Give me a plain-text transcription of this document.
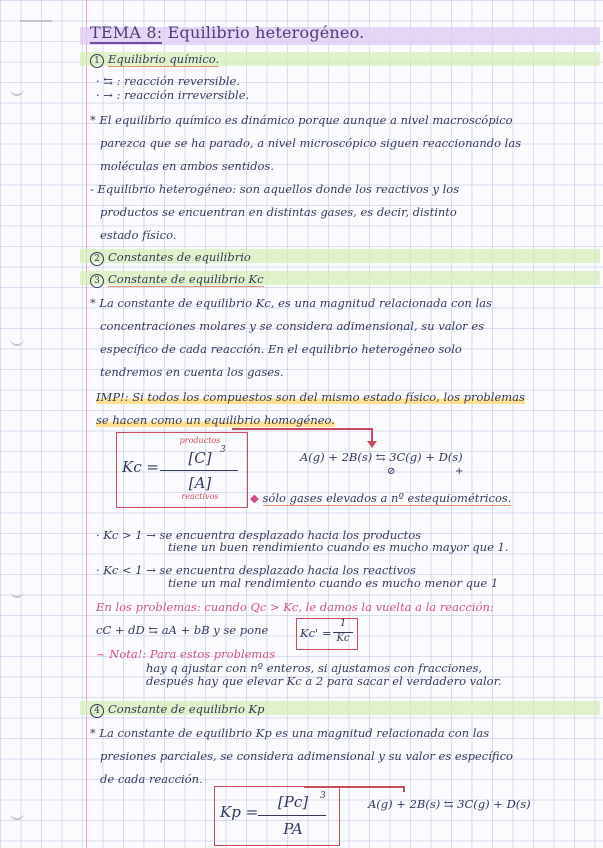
TEMA 8: Equilibrio heterogéneo.
1 Equilibrio químico.
· ⇆ : reacción reversible.
· → : reacción irreversible.
* El equilibrio químico es dinámico porque aunque a nivel macroscópico
parezca que se ha parado, a nivel microscópico siguen reaccionando las
moléculas en ambos sentidos.
- Equilibrio heterogéneo: son aquellos donde los reactivos y los
productos se encuentran en distintas gases, es decir, distinto
estado físico.
2 Constantes de equilibrio
3 Constante de equilibrio Kc
* La constante de equilibrio Kc, es una magnitud relacionada con las
concentraciones molares y se considera adimensional, su valor es
específico de cada reacción. En el equilibrio heterogéneo solo
tendremos en cuenta los gases.
IMP!: Si todos los compuestos son del mismo estado físico, los problemas
se hacen como un equilibrio homogéneo.
Kc =
productos
[C] 3
[A]
reactivos
A(g) + 2B(s) ⇆ 3C(g) + D(s)
⊘	+
◆ sólo gases elevados a nº estequiométricos.
· Kc > 1 → se encuentra desplazado hacia los productos
tiene un buen rendimiento cuando es mucho mayor que 1.
· Kc < 1 → se encuentra desplazado hacia los reactivos
tiene un mal rendimiento cuando es mucho menor que 1
En los problemas: cuando Qc > Kc, le damos la vuelta a la reacción:
cC + dD ⇆ aA + bB y se pone	Kc' =
1
Kc
~ Nota!: Para estos problemas
hay q ajustar con nº enteros, si ajustamos con fracciones,
después hay que elevar Kc a 2 para sacar el verdadero valor.
4 Constante de equilibrio Kp
* La constante de equilibrio Kp es una magnitud relacionada con las
presiones parciales, se considera adimensional y su valor es específico
de cada reacción.
Kp =
[Pc]	3
PA
A(g) + 2B(s) ⇆ 3C(g) + D(s)
